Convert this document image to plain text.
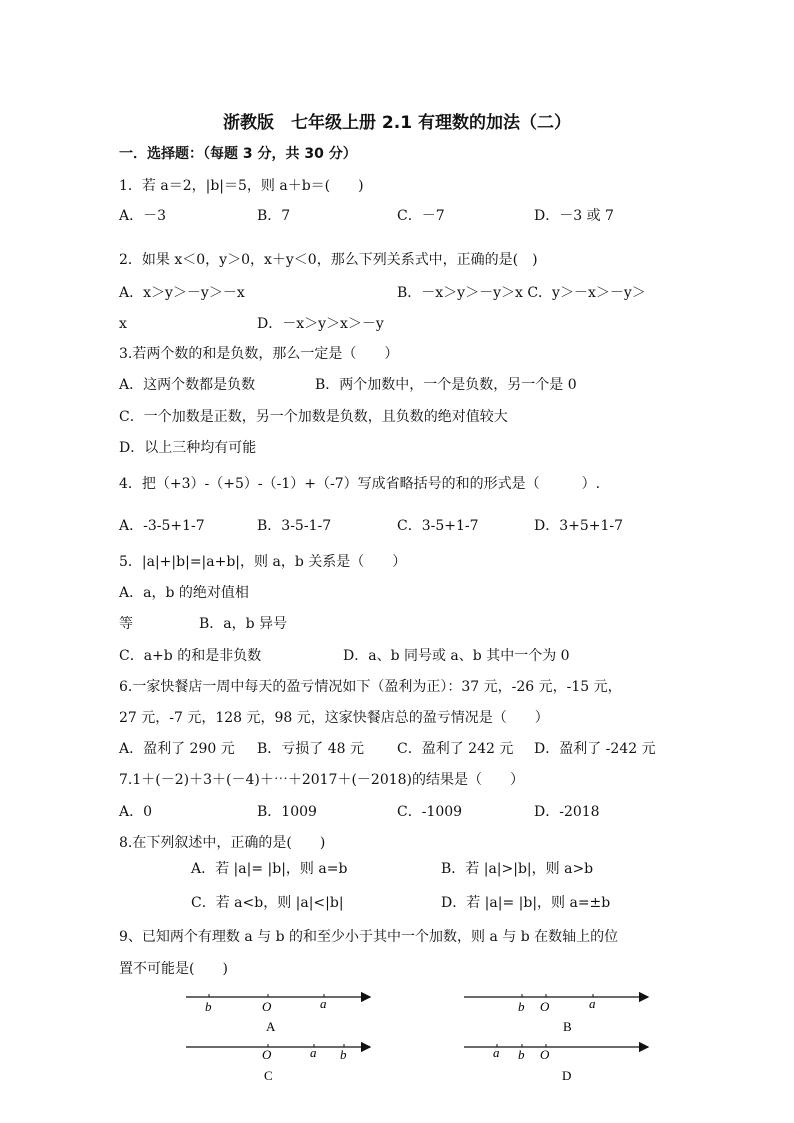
浙教版　七年级上册 2.1 有理数的加法（二）
一．选择题：（每题 3 分，共 30 分）
1．若 a＝2，|b|＝5，则 a＋b＝(　　)
A．－3	B．7	C．－7	D．－3 或 7
2．如果 x＜0，y＞0，x＋y＜0，那么下列关系式中，正确的是(　)
A．x＞y＞－y＞－x	B．－x＞y＞－y＞x C．y＞－x＞－y＞
x	D．－x＞y＞x＞－y
3.若两个数的和是负数，那么一定是（　　）
A．这两个数都是负数	B．两个加数中，一个是负数，另一个是 0
C．一个加数是正数，另一个加数是负数，且负数的绝对值较大
D．以上三种均有可能
4．把（+3）-（+5）-（-1）+（-7）写成省略括号的和的形式是（　　　）.
A．-3-5+1-7	B．3-5-1-7	C．3-5+1-7	D．3+5+1-7
5．|a|+|b|=|a+b|，则 a，b 关系是（　　）
A．a，b 的绝对值相
等	B．a，b 异号
C．a+b 的和是非负数	D．a、b 同号或 a、b 其中一个为 0
6.一家快餐店一周中每天的盈亏情况如下（盈利为正）：37 元，-26 元，-15 元，
27 元，-7 元，128 元，98 元，这家快餐店总的盈亏情况是（　　）
A．盈利了 290 元 B．亏损了 48 元 C．盈利了 242 元 D．盈利了 -242 元
7.1＋(－2)＋3＋(－4)＋⋯＋2017＋(－2018)的结果是（　　）
A．0	B．1009	C．-1009	D．-2018
8.在下列叙述中，正确的是(　　)
A．若 |a|= |b|，则 a=b	B．若 |a|>|b|，则 a>b
C．若 a<b，则 |a|<|b|	D．若 |a|= |b|，则 a=±b
9、已知两个有理数 a 与 b 的和至少小于其中一个加数，则 a 与 b 在数轴上的位
置不可能是(　　)
b	O	a
A
b O	a
B
O	a b
C
a b O
D
